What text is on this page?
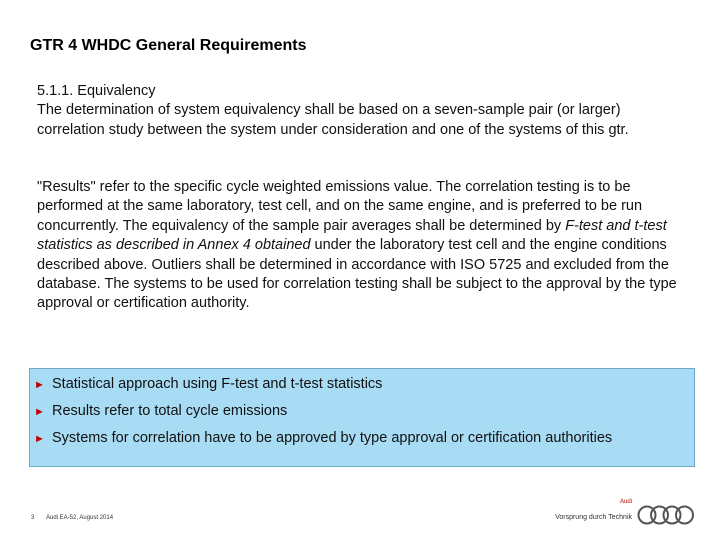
GTR 4 WHDC General Requirements
5.1.1. Equivalency
The determination of system equivalency shall be based on a seven-sample pair (or larger) correlation study between the system under consideration and one of the systems of this gtr.
"Results" refer to the specific cycle weighted emissions value. The correlation testing is to be performed at the same laboratory, test cell, and on the same engine, and is preferred to be run concurrently. The equivalency of the sample pair averages shall be determined by F-test and t-test statistics as described in Annex 4 obtained under the laboratory test cell and the engine conditions described above. Outliers shall be determined in accordance with ISO 5725 and excluded from the database. The systems to be used for correlation testing shall be subject to the approval by the type approval or certification authority.
► Statistical approach using F-test and t-test statistics
► Results refer to total cycle emissions
► Systems for correlation have to be approved by type approval or certification authorities
3 Audi EA-52, August 2014
Audi
Vorsprung durch Technik
